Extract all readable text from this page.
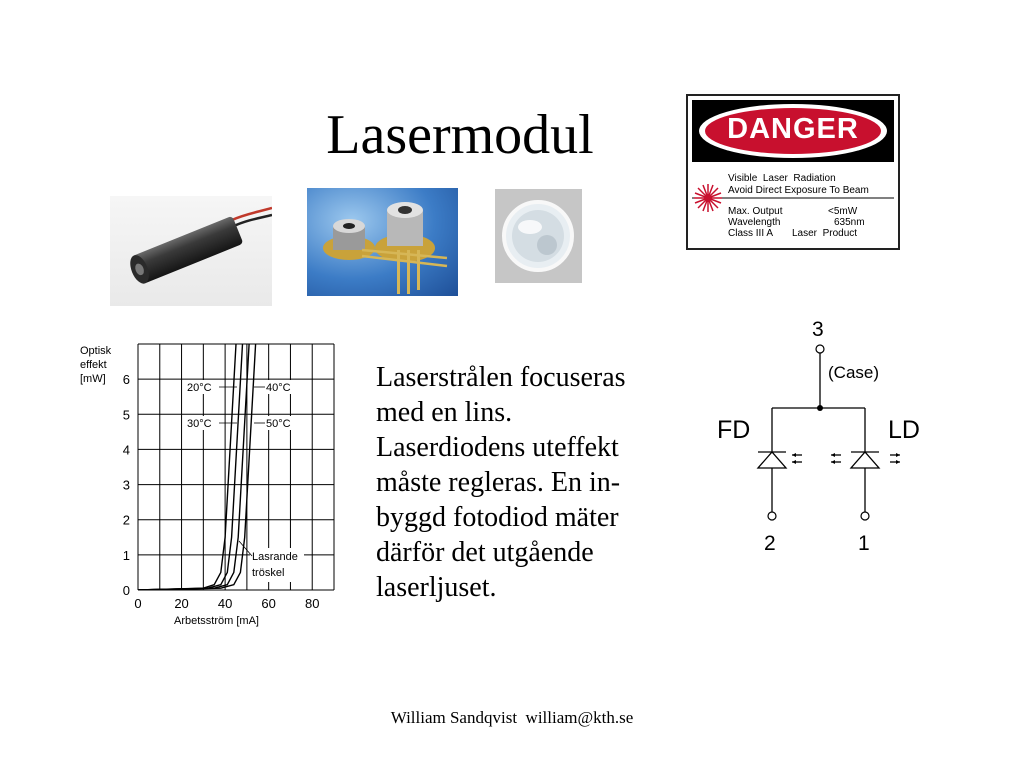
Lasermodul	DANGER
Visible  Laser  Radiation
Avoid Direct Exposure To Beam
Max. Output	<5mW
Wavelength	635nm
Class III A Laser  Product
0	20 40 60 80
0
1
2
3
4
5
6
Optisk
effekt
[mW]
Arbetsström [mA]
20°C	40°C
30°C	50°C
Lasrande
tröskel
Laserstrålen focuseras
med en lins.
Laserdiodens uteffekt
måste regleras. En in-
byggd fotodiod mäter
därför det utgående
laserljuset.
3
(Case)
FD	LD
2	1
William Sandqvist  william@kth.se
